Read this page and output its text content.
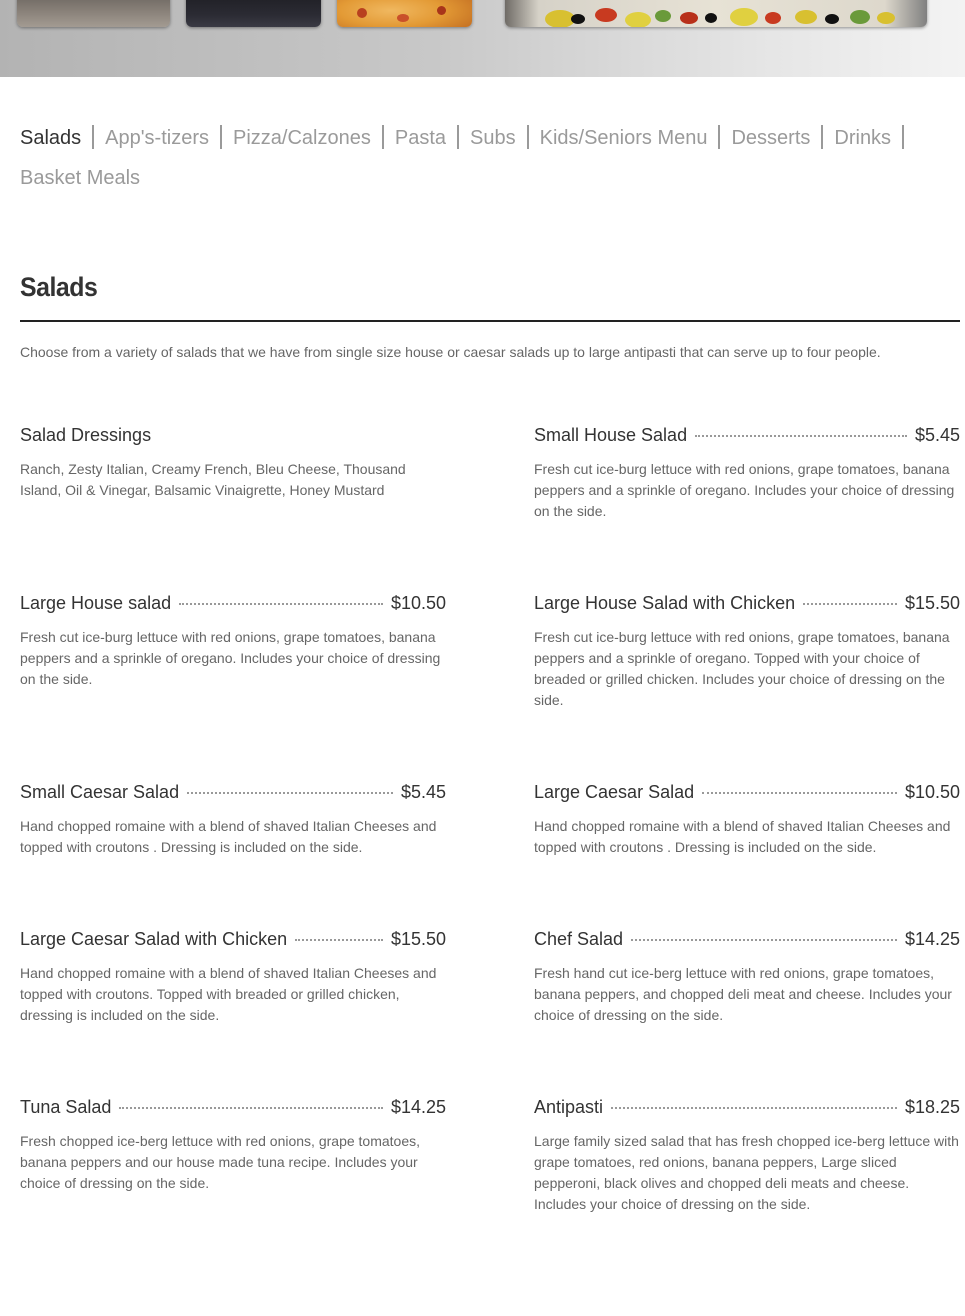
Salads App's-tizers Pizza/Calzones Pasta Subs Kids/Seniors Menu Desserts Drinks
Basket Meals
Salads

Choose from a variety of salads that we have from single size house or caesar salads up to large antipasti that can serve up to four people.

Salad Dressings
Ranch, Zesty Italian, Creamy French, Bleu Cheese, Thousand Island, Oil & Vinegar, Balsamic Vinaigrette, Honey Mustard
Small House Salad	$5.45
Fresh cut ice-burg lettuce with red onions, grape tomatoes, banana peppers and a sprinkle of oregano. Includes your choice of dressing on the side.
Large House salad	$10.50
Fresh cut ice-burg lettuce with red onions, grape tomatoes, banana peppers and a sprinkle of oregano. Includes your choice of dressing on the side.
Large House Salad with Chicken	$15.50
Fresh cut ice-burg lettuce with red onions, grape tomatoes, banana peppers and a sprinkle of oregano. Topped with your choice of breaded or grilled chicken. Includes your choice of dressing on the side.
Small Caesar Salad	$5.45
Hand chopped romaine with a blend of shaved Italian Cheeses and topped with croutons . Dressing is included on the side.
Large Caesar Salad	$10.50
Hand chopped romaine with a blend of shaved Italian Cheeses and topped with croutons . Dressing is included on the side.
Large Caesar Salad with Chicken	$15.50
Hand chopped romaine with a blend of shaved Italian Cheeses and topped with croutons. Topped with breaded or grilled chicken, dressing is included on the side.
Chef Salad	$14.25
Fresh hand cut ice-berg lettuce with red onions, grape tomatoes, banana peppers, and chopped deli meat and cheese. Includes your choice of dressing on the side.
Tuna Salad	$14.25
Fresh chopped ice-berg lettuce with red onions, grape tomatoes, banana peppers and our house made tuna recipe. Includes your choice of dressing on the side.
Antipasti	$18.25
Large family sized salad that has fresh chopped ice-berg lettuce with grape tomatoes, red onions, banana peppers, Large sliced pepperoni, black olives and chopped deli meats and cheese. Includes your choice of dressing on the side.
